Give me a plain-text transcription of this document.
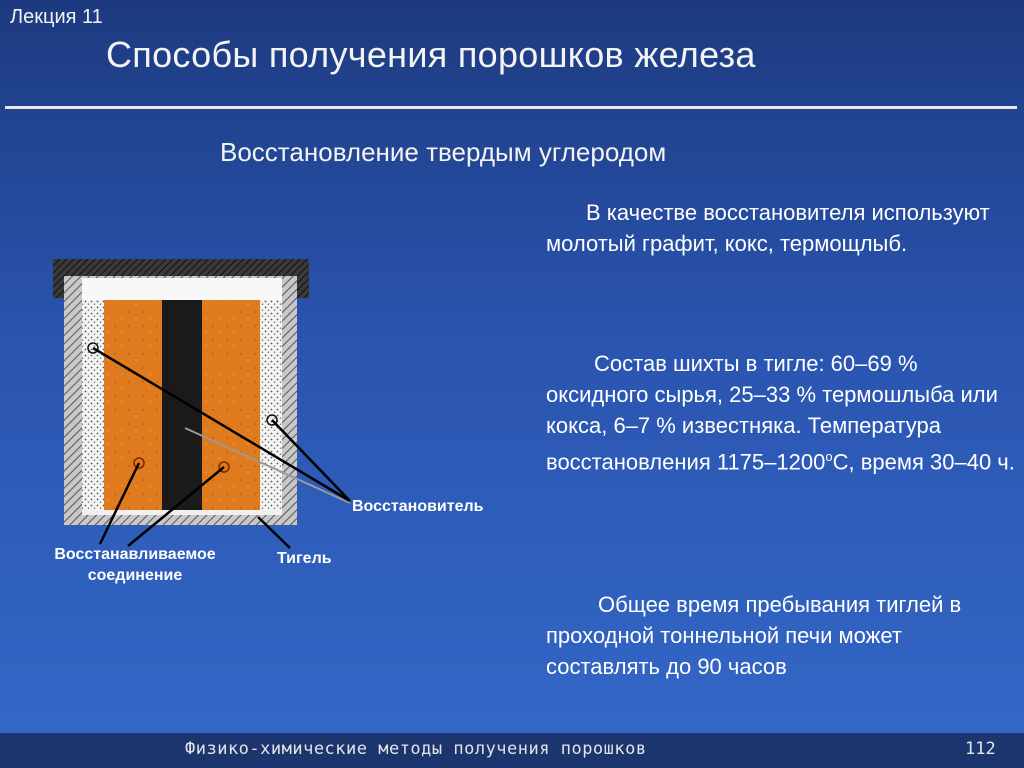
Лекция 11
Способы получения порошков железа
Восстановление твердым углеродом

В качестве восстановителя используют молотый графит, кокс, термощлыб.

Состав шихты в тигле: 60–69 % оксидного сырья, 25–33 % термошлыба или кокса, 6–7 % известняка. Температура восстановления $1175-1200^оС$, время 30–40 ч.

Общее время пребывания тиглей в проходной тоннельной печи может составлять до 90 часов

Восстановитель
Восстанавливаемое
соединение
Тигель
Физико-химические методы получения порошков	112
